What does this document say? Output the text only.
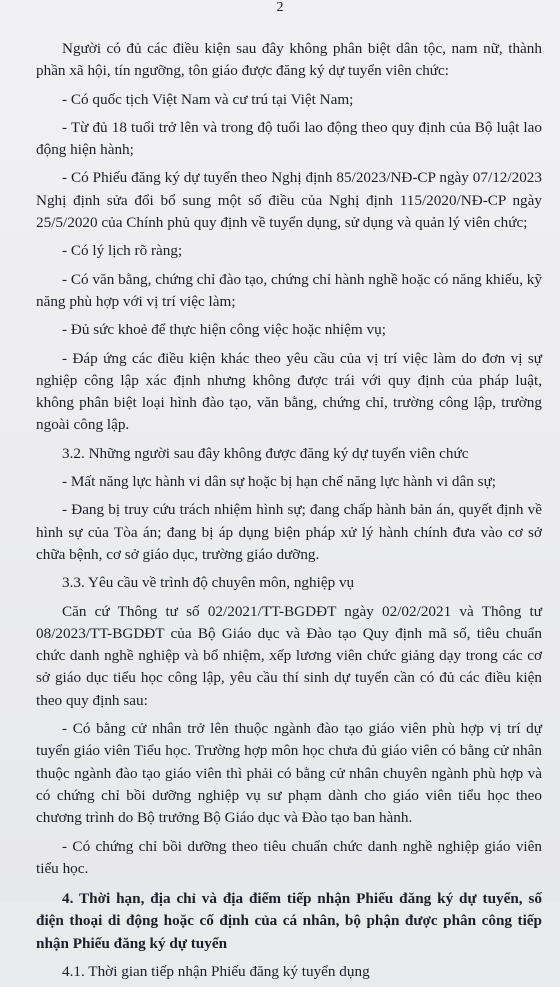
2

Người có đủ các điều kiện sau đây không phân biệt dân tộc, nam nữ, thành phần xã hội, tín ngưỡng, tôn giáo được đăng ký dự tuyển viên chức:

- Có quốc tịch Việt Nam và cư trú tại Việt Nam;

- Từ đủ 18 tuổi trở lên và trong độ tuổi lao động theo quy định của Bộ luật lao động hiện hành;

- Có Phiếu đăng ký dự tuyển theo Nghị định 85/2023/NĐ-CP ngày 07/12/2023 Nghị định sửa đổi bổ sung một số điều của Nghị định 115/2020/NĐ-CP ngày 25/5/2020 của Chính phủ quy định về tuyển dụng, sử dụng và quản lý viên chức;

- Có lý lịch rõ ràng;

- Có văn bằng, chứng chỉ đào tạo, chứng chỉ hành nghề hoặc có năng khiếu, kỹ năng phù hợp với vị trí việc làm;

- Đủ sức khoẻ để thực hiện công việc hoặc nhiệm vụ;

- Đáp ứng các điều kiện khác theo yêu cầu của vị trí việc làm do đơn vị sự nghiệp công lập xác định nhưng không được trái với quy định của pháp luật, không phân biệt loại hình đào tạo, văn bằng, chứng chỉ, trường công lập, trường ngoài công lập.

3.2. Những người sau đây không được đăng ký dự tuyển viên chức

- Mất năng lực hành vi dân sự hoặc bị hạn chế năng lực hành vi dân sự;

- Đang bị truy cứu trách nhiệm hình sự; đang chấp hành bản án, quyết định về hình sự của Tòa án; đang bị áp dụng biện pháp xử lý hành chính đưa vào cơ sở chữa bệnh, cơ sở giáo dục, trường giáo dưỡng.

3.3. Yêu cầu về trình độ chuyên môn, nghiệp vụ

Căn cứ Thông tư số 02/2021/TT-BGDĐT ngày 02/02/2021 và Thông tư 08/2023/TT-BGDĐT của Bộ Giáo dục và Đào tạo Quy định mã số, tiêu chuẩn chức danh nghề nghiệp và bổ nhiệm, xếp lương viên chức giảng dạy trong các cơ sở giáo dục tiểu học công lập, yêu cầu thí sinh dự tuyển cần có đủ các điều kiện theo quy định sau:

- Có bằng cử nhân trở lên thuộc ngành đào tạo giáo viên phù hợp vị trí dự tuyển giáo viên Tiểu học. Trường hợp môn học chưa đủ giáo viên có bằng cử nhân thuộc ngành đào tạo giáo viên thì phải có bằng cử nhân chuyên ngành phù hợp và có chứng chỉ bồi dưỡng nghiệp vụ sư phạm dành cho giáo viên tiểu học theo chương trình do Bộ trưởng Bộ Giáo dục và Đào tạo ban hành.

- Có chứng chỉ bồi dưỡng theo tiêu chuẩn chức danh nghề nghiệp giáo viên tiểu học.

4. Thời hạn, địa chỉ và địa điểm tiếp nhận Phiếu đăng ký dự tuyển, số điện thoại di động hoặc cố định của cá nhân, bộ phận được phân công tiếp nhận Phiếu đăng ký dự tuyển

4.1. Thời gian tiếp nhận Phiếu đăng ký tuyển dụng
